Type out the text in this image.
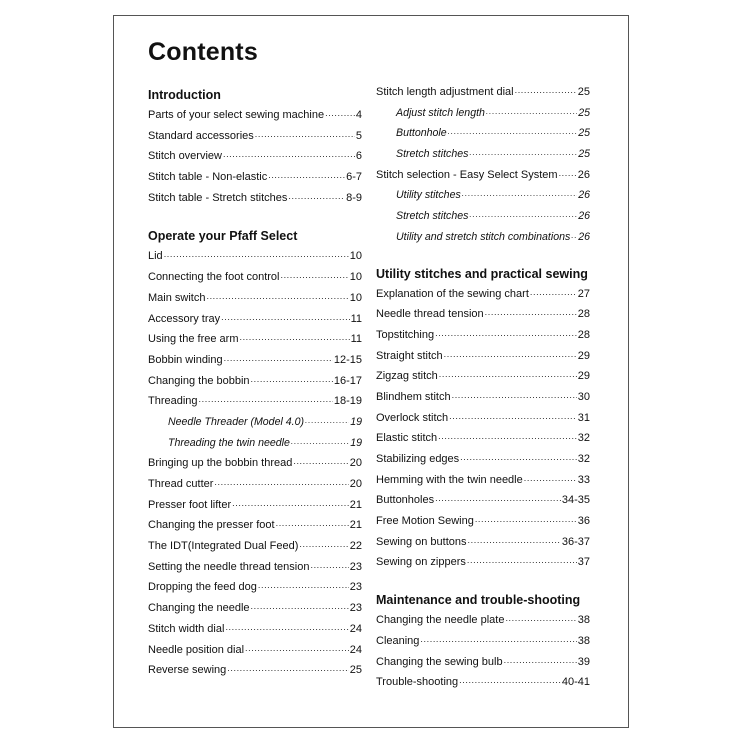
Contents
Introduction
Parts of your select sewing machine .....	4
Standard accessories .....	5
Stitch overview .....	6
Stitch table - Non-elastic .....	6-7
Stitch table - Stretch stitches .....	8-9
Operate your Pfaff Select
Lid .....	10
Connecting the foot control .....	10
Main switch .....	10
Accessory tray .....	11
Using the free arm .....	11
Bobbin winding .....	12-15
Changing the bobbin .....	16-17
Threading .....	18-19
Needle Threader (Model 4.0) .....	19
Threading the twin needle .....	19
Bringing up the bobbin thread .....	20
Thread cutter .....	20
Presser foot lifter .....	21
Changing the presser foot .....	21
The IDT(Integrated Dual Feed) .....	22
Setting the needle thread tension .....	23
Dropping the feed dog .....	23
Changing the needle .....	23
Stitch width dial .....	24
Needle position dial .....	24
Reverse sewing .....	25
Stitch length adjustment dial .....	25
Adjust stitch length .....	25
Buttonhole .....	25
Stretch stitches .....	25
Stitch selection - Easy Select System ..... 26
Utility stitches .....	26
Stretch stitches .....	26
Utility and stretch stitch combinations ..... 26
Utility stitches and practical sewing
Explanation of the sewing chart .....	27
Needle thread tension .....	28
Topstitching .....	28
Straight stitch .....	29
Zigzag stitch .....	29
Blindhem stitch .....	30
Overlock stitch .....	31
Elastic stitch .....	32
Stabilizing edges .....	32
Hemming with the twin needle .....	33
Buttonholes .....	34-35
Free Motion Sewing .....	36
Sewing on buttons .....	36-37
Sewing on zippers .....	37
Maintenance and trouble-shooting
Changing the needle plate .....	38
Cleaning .....	38
Changing the sewing bulb .....	39
Trouble-shooting .....	40-41
